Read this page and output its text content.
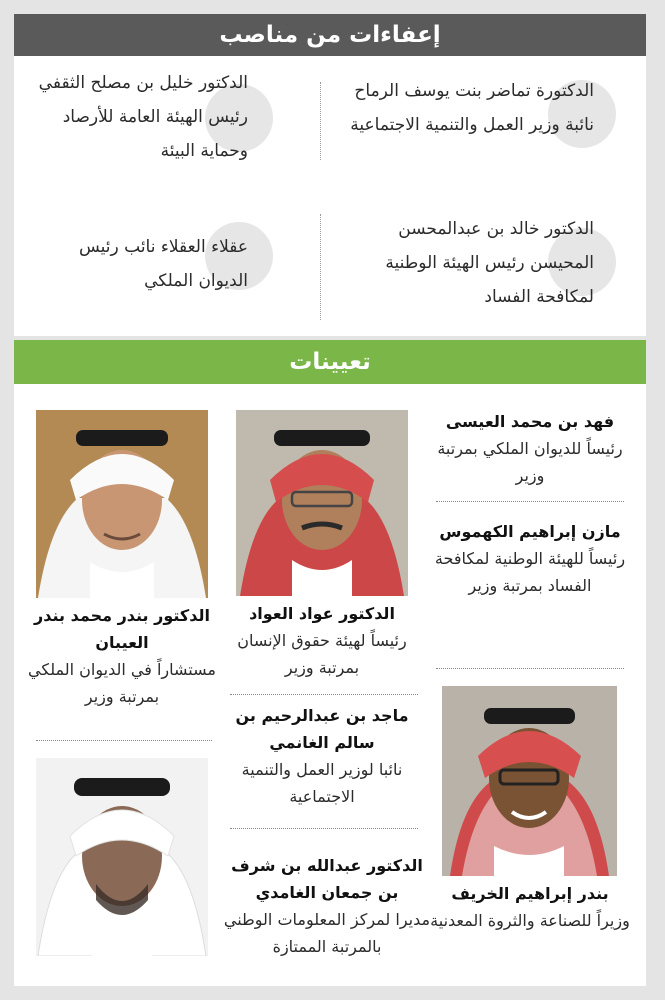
إعفاءات من مناصب
الدكتورة تماضر بنت يوسف الرماح نائبة وزير العمل والتنمية الاجتماعية
الدكتور خليل بن مصلح الثقفي رئيس الهيئة العامة للأرصاد وحماية البيئة
الدكتور خالد بن عبدالمحسن المحيسن رئيس الهيئة الوطنية لمكافحة الفساد
عقلاء العقلاء نائب رئيس الديوان الملكي
تعيينات
فهد بن محمد العيسى
رئيساً للديوان الملكي بمرتبة وزير
مازن إبراهيم الكهموس
رئيساً للهيئة الوطنية لمكافحة الفساد بمرتبة وزير
بندر إبراهيم الخريف
وزيراً للصناعة والثروة المعدنية
الدكتور عواد العواد
رئيساً لهيئة حقوق الإنسان بمرتبة وزير
ماجد بن عبدالرحيم بن سالم الغانمي
نائبا لوزير العمل والتنمية الاجتماعية
الدكتور عبدالله بن شرف بن جمعان الغامدي
مديرا لمركز المعلومات الوطني بالمرتبة الممتازة
الدكتور بندر محمد بندر العيبان
مستشاراً في الديوان الملكي بمرتبة وزير
